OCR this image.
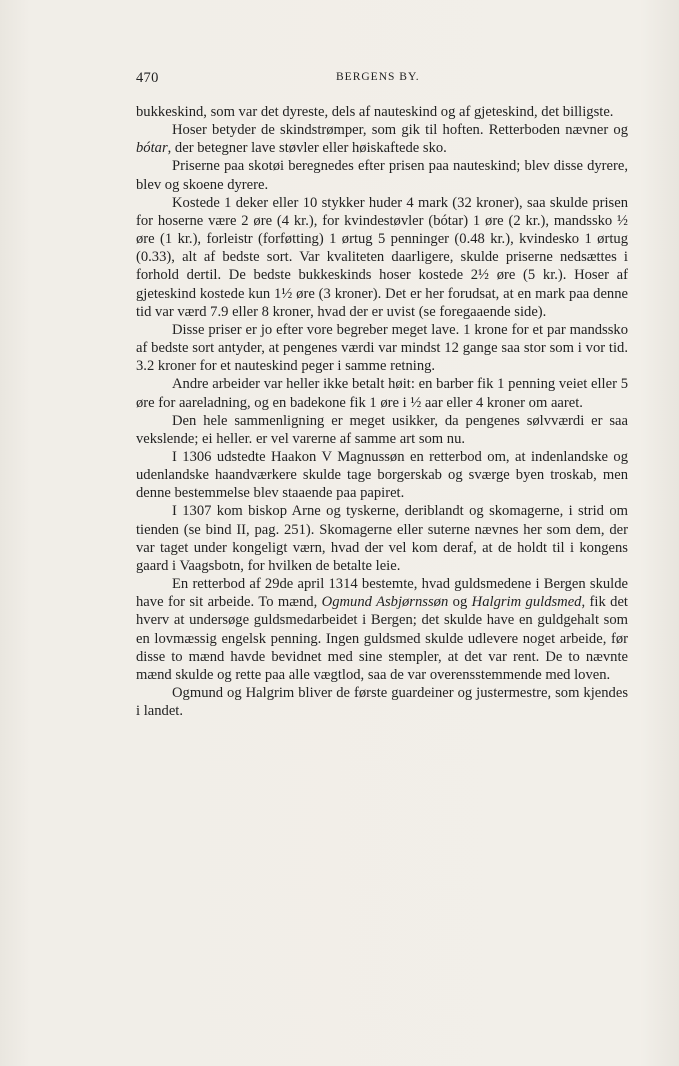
470	BERGENS BY.

bukkeskind, som var det dyreste, dels af nauteskind og af gjeteskind, det billigste.

Hoser betyder de skindstrømper, som gik til hoften. Retterboden nævner og bótar, der betegner lave støvler eller høiskaftede sko.

Priserne paa skotøi beregnedes efter prisen paa nauteskind; blev disse dyrere, blev og skoene dyrere.

Kostede 1 deker eller 10 stykker huder 4 mark (32 kroner), saa skulde prisen for hoserne være 2 øre (4 kr.), for kvindestøvler (bótar) 1 øre (2 kr.), mandssko ½ øre (1 kr.), forleistr (forføtting) 1 ørtug 5 penninger (0.48 kr.), kvindesko 1 ørtug (0.33), alt af bedste sort. Var kvaliteten daarligere, skulde priserne nedsættes i forhold dertil. De bedste bukkeskinds hoser kostede 2½ øre (5 kr.). Hoser af gjeteskind kostede kun 1½ øre (3 kroner). Det er her forudsat, at en mark paa denne tid var værd 7.9 eller 8 kroner, hvad der er uvist (se foregaaende side).

Disse priser er jo efter vore begreber meget lave. 1 krone for et par mandssko af bedste sort antyder, at pengenes værdi var mindst 12 gange saa stor som i vor tid. 3.2 kroner for et nauteskind peger i samme retning.

Andre arbeider var heller ikke betalt høit: en barber fik 1 penning veiet eller 5 øre for aareladning, og en badekone fik 1 øre i ½ aar eller 4 kroner om aaret.

Den hele sammenligning er meget usikker, da pengenes sølvværdi er saa vekslende; ei heller. er vel varerne af samme art som nu.

I 1306 udstedte Haakon V Magnussøn en retterbod om, at indenlandske og udenlandske haandværkere skulde tage borgerskab og sværge byen troskab, men denne bestemmelse blev staaende paa papiret.

I 1307 kom biskop Arne og tyskerne, deriblandt og skomagerne, i strid om tienden (se bind II, pag. 251). Skomagerne eller suterne nævnes her som dem, der var taget under kongeligt værn, hvad der vel kom deraf, at de holdt til i kongens gaard i Vaagsbotn, for hvilken de betalte leie.

En retterbod af 29de april 1314 bestemte, hvad guldsmedene i Bergen skulde have for sit arbeide. To mænd, Ogmund Asbjørnssøn og Halgrim guldsmed, fik det hverv at undersøge guldsmedarbeidet i Bergen; det skulde have en guldgehalt som en lovmæssig engelsk penning. Ingen guldsmed skulde udlevere noget arbeide, før disse to mænd havde bevidnet med sine stempler, at det var rent. De to nævnte mænd skulde og rette paa alle vægtlod, saa de var overensstemmende med loven.

Ogmund og Halgrim bliver de første guardeiner og justermestre, som kjendes i landet.
